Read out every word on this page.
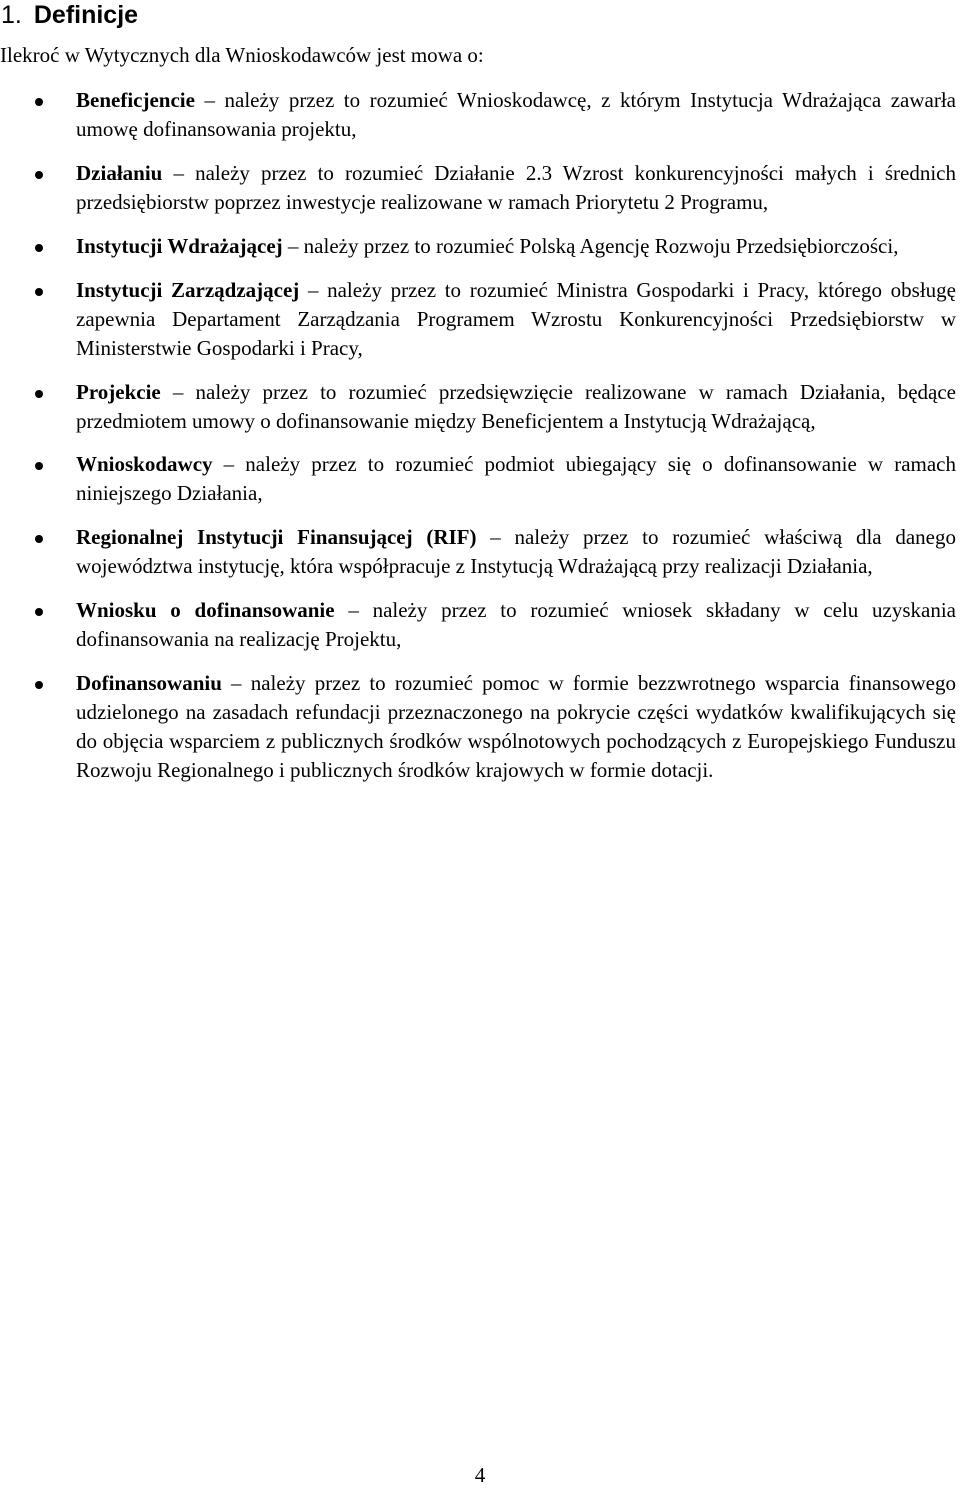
1. Definicje

Ilekroć w Wytycznych dla Wnioskodawców jest mowa o:

Beneficjencie – należy przez to rozumieć Wnioskodawcę, z którym Instytucja Wdrażająca zawarła umowę dofinansowania projektu,
Działaniu – należy przez to rozumieć Działanie 2.3 Wzrost konkurencyjności małych i średnich przedsiębiorstw poprzez inwestycje realizowane w ramach Priorytetu 2 Programu,
Instytucji Wdrażającej – należy przez to rozumieć Polską Agencję Rozwoju Przedsiębiorczości,
Instytucji Zarządzającej – należy przez to rozumieć Ministra Gospodarki i Pracy, którego obsługę zapewnia Departament Zarządzania Programem Wzrostu Konkurencyjności Przedsiębiorstw w Ministerstwie Gospodarki i Pracy,
Projekcie – należy przez to rozumieć przedsięwzięcie realizowane w ramach Działania, będące przedmiotem umowy o dofinansowanie między Beneficjentem a Instytucją Wdrażającą,
Wnioskodawcy – należy przez to rozumieć podmiot ubiegający się o dofinansowanie w ramach niniejszego Działania,
Regionalnej Instytucji Finansującej (RIF) – należy przez to rozumieć właściwą dla danego województwa instytucję, która współpracuje z Instytucją Wdrażającą przy realizacji Działania,
Wniosku o dofinansowanie – należy przez to rozumieć wniosek składany w celu uzyskania dofinansowania na realizację Projektu,
Dofinansowaniu – należy przez to rozumieć pomoc w formie bezzwrotnego wsparcia finansowego udzielonego na zasadach refundacji przeznaczonego na pokrycie części wydatków kwalifikujących się do objęcia wsparciem z publicznych środków wspólnotowych pochodzących z Europejskiego Funduszu Rozwoju Regionalnego i publicznych środków krajowych w formie dotacji.
4
